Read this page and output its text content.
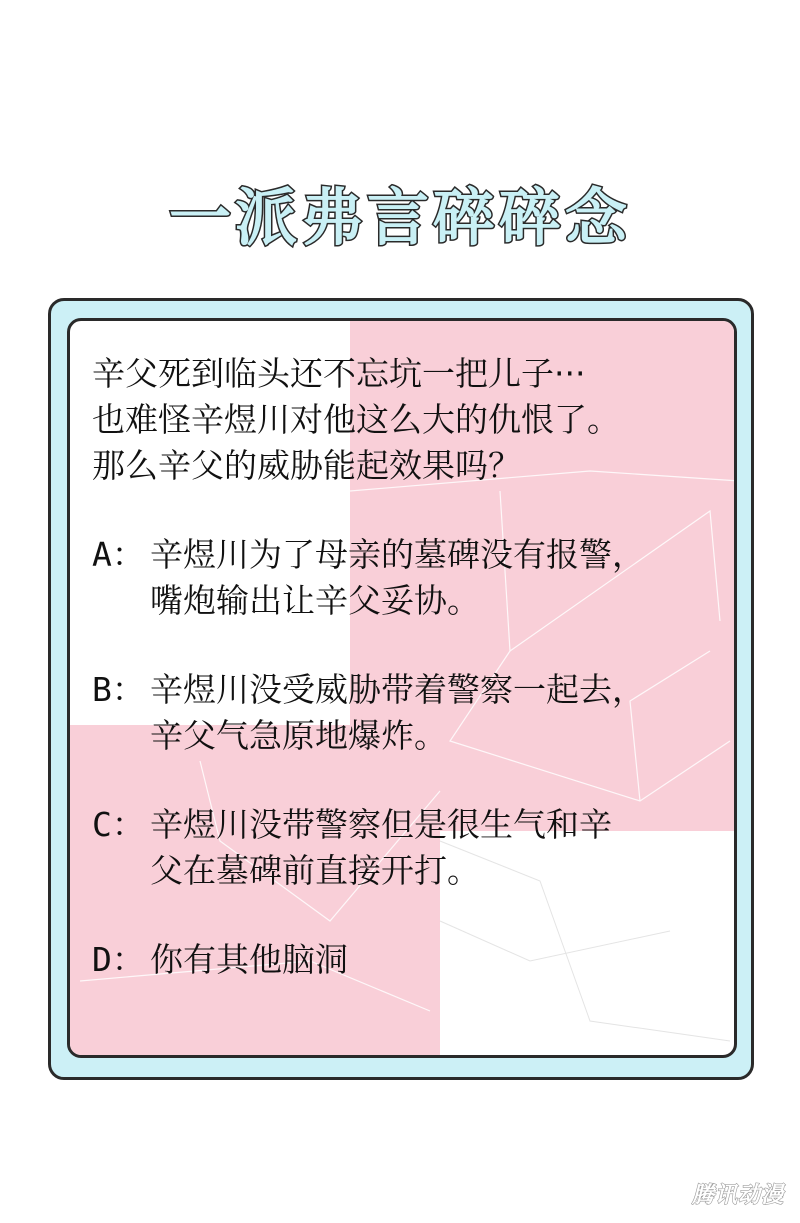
一派弗言碎碎念

辛父死到临头还不忘坑一把儿子···
也难怪辛煜川对他这么大的仇恨了。
那么辛父的威胁能起效果吗？

A： 辛煜川为了母亲的墓碑没有报警，
嘴炮输出让辛父妥协。
B： 辛煜川没受威胁带着警察一起去，
辛父气急原地爆炸。
C： 辛煜川没带警察但是很生气和辛
父在墓碑前直接开打。
D： 你有其他脑洞
腾讯动漫
